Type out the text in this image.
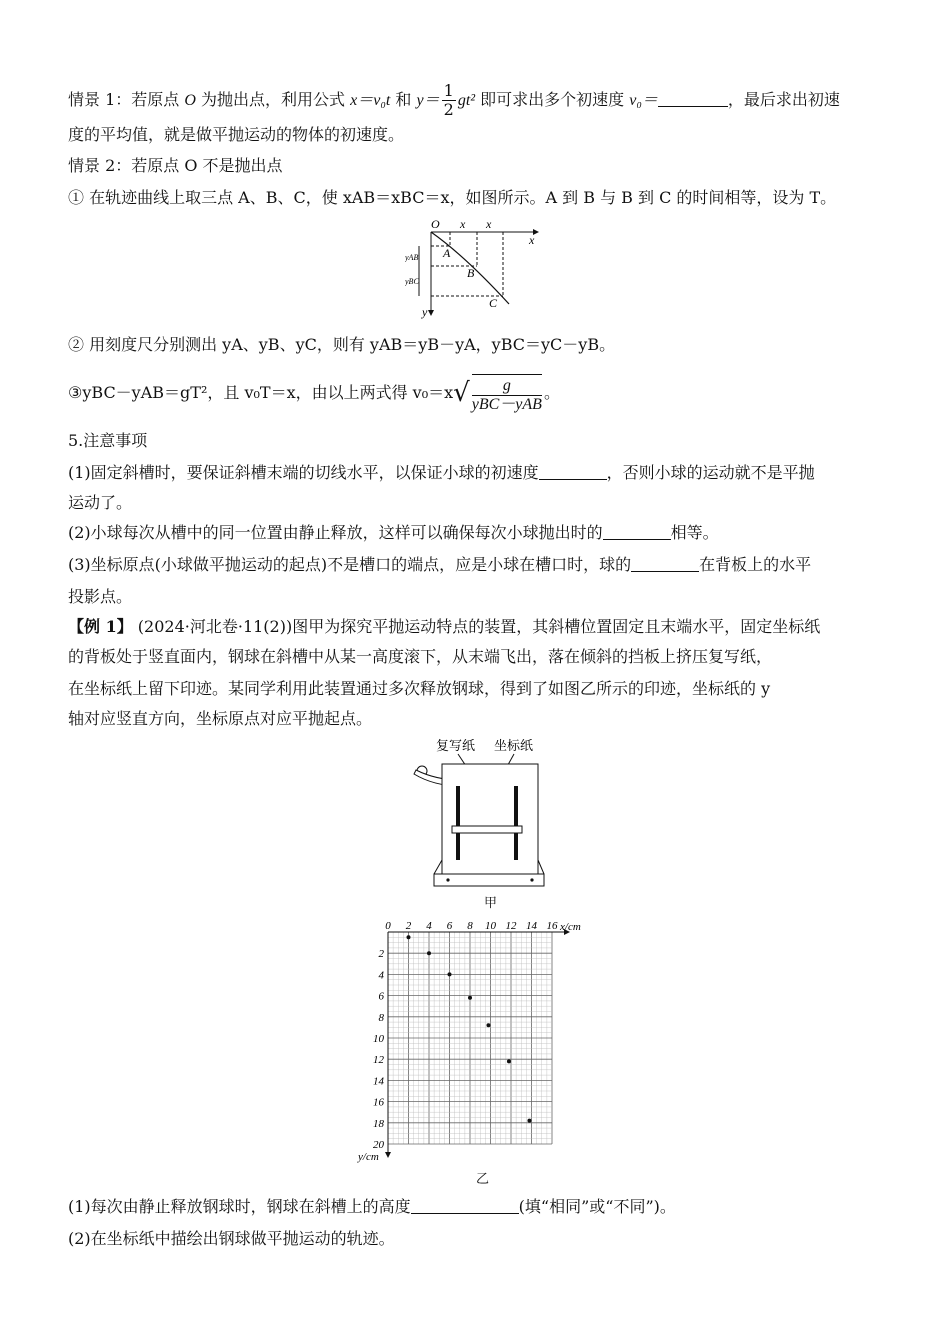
情景 1：若原点 O 为抛出点，利用公式 x＝v₀t 和 $y= \frac{1}{2} gt^2$ 即可求出多个初速度 v₀＝	，最后求出初速
度的平均值，就是做平抛运动的物体的初速度。
情景 2：若原点 O 不是抛出点
① 在轨迹曲线上取三点 A、B、C，使 xAB＝xBC＝x，如图所示。A 到 B 与 B 到 C 的时间相等，设为 T。
O x x
x
y
A
B
C
yAB
yBC
② 用刻度尺分别测出 yA、yB、yC，则有 yAB＝yB－yA，yBC＝yC－yB。
③yBC－yAB＝gT²，且 v₀T＝x，由以上两式得 $v_0=x√ \frac{g}{\text{yBC－yAB}}$ 。
5.注意事项
(1)固定斜槽时，要保证斜槽末端的切线水平，以保证小球的初速度	，否则小球的运动就不是平抛
运动了。
(2)小球每次从槽中的同一位置由静止释放，这样可以确保每次小球抛出时的	相等。
(3)坐标原点(小球做平抛运动的起点)不是槽口的端点，应是小球在槽口时，球的	在背板上的水平
投影点。
【例 1】 (2024·河北卷·11(2))图甲为探究平抛运动特点的装置，其斜槽位置固定且末端水平，固定坐标纸
的背板处于竖直面内，钢球在斜槽中从某一高度滚下，从末端飞出，落在倾斜的挡板上挤压复写纸，
在坐标纸上留下印迹。某同学利用此装置通过多次释放钢球，得到了如图乙所示的印迹，坐标纸的 y
轴对应竖直方向，坐标原点对应平抛起点。
复写纸 坐标纸
甲
0 2 4 6 8 10 12 14 16
2
4
6
8
10
12
14
16
18
20
x/cm
y/cm
乙
(1)每次由静止释放钢球时，钢球在斜槽上的高度	(填“相同”或“不同”)。
(2)在坐标纸中描绘出钢球做平抛运动的轨迹。
